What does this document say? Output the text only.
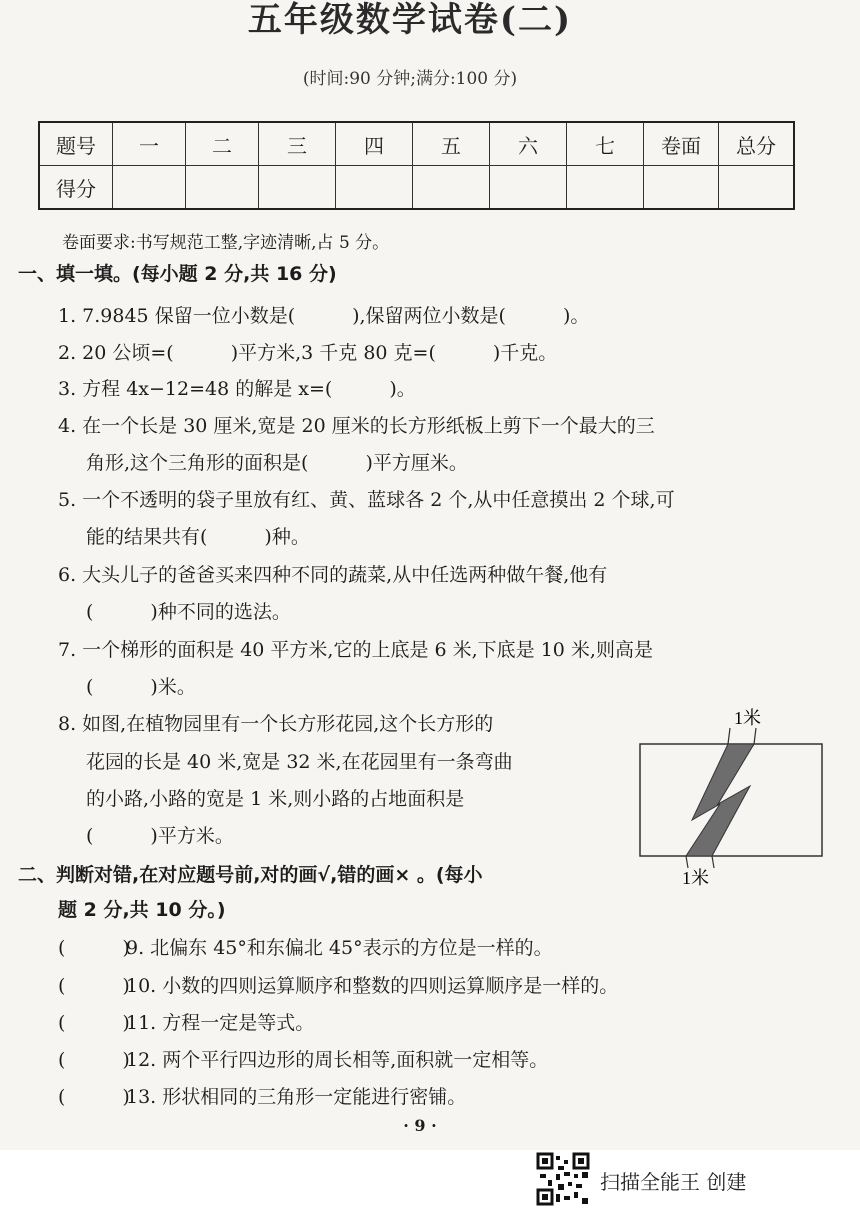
五年级数学试卷(二)
(时间:90 分钟;满分:100 分)
题号	一	二	三	四	五	六	七	卷面	总分
得分									
卷面要求:书写规范工整,字迹清晰,占 5 分。
一、填一填。(每小题 2 分,共 16 分)
1. 7.9845 保留一位小数是(　　　),保留两位小数是(　　　)。
2. 20 公顷=(　　　)平方米,3 千克 80 克=(　　　)千克。
3. 方程 4x−12=48 的解是 x=(　　　)。
4. 在一个长是 30 厘米,宽是 20 厘米的长方形纸板上剪下一个最大的三
角形,这个三角形的面积是(　　　)平方厘米。
5. 一个不透明的袋子里放有红、黄、蓝球各 2 个,从中任意摸出 2 个球,可
能的结果共有(　　　)种。
6. 大头儿子的爸爸买来四种不同的蔬菜,从中任选两种做午餐,他有
(　　　)种不同的选法。
7. 一个梯形的面积是 40 平方米,它的上底是 6 米,下底是 10 米,则高是
(　　　)米。
8. 如图,在植物园里有一个长方形花园,这个长方形的
花园的长是 40 米,宽是 32 米,在花园里有一条弯曲
的小路,小路的宽是 1 米,则小路的占地面积是
(　　　)平方米。
1米
1米
二、判断对错,在对应题号前,对的画√,错的画× 。(每小
题 2 分,共 10 分。)
(　　　)9. 北偏东 45°和东偏北 45°表示的方位是一样的。
(　　　)10. 小数的四则运算顺序和整数的四则运算顺序是一样的。
(　　　)11. 方程一定是等式。
(　　　)12. 两个平行四边形的周长相等,面积就一定相等。
(　　　)13. 形状相同的三角形一定能进行密铺。
· 9 ·
扫描全能王 创建
